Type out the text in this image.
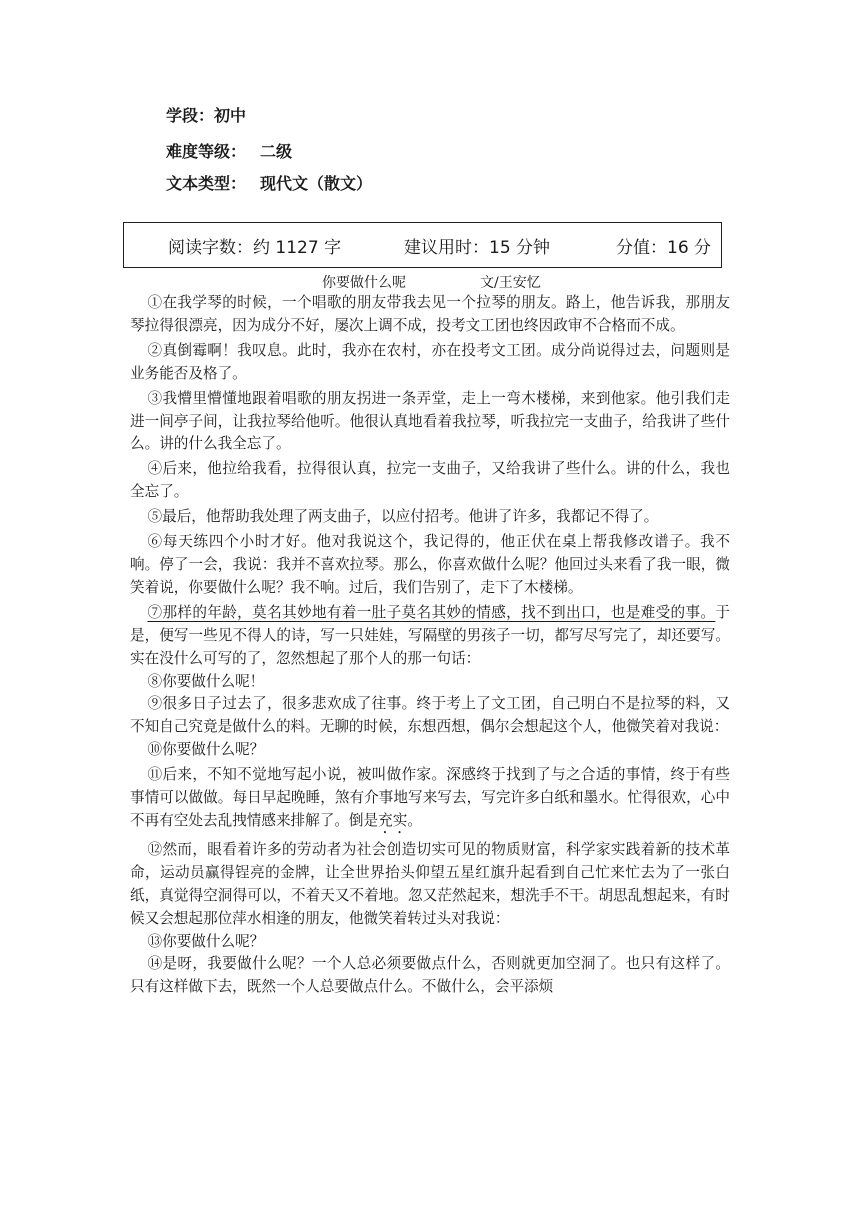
学段：初中
难度等级： 二级
文本类型： 现代文（散文）
阅读字数：约 1127 字	建议用时：15 分钟	分值：16 分
你要做什么呢	文/王安忆

①在我学琴的时候，一个唱歌的朋友带我去见一个拉琴的朋友。路上，他告诉我，那朋友琴拉得很漂亮，因为成分不好，屡次上调不成，投考文工团也终因政审不合格而不成。

②真倒霉啊！我叹息。此时，我亦在农村，亦在投考文工团。成分尚说得过去，问题则是业务能否及格了。

③我懵里懵懂地跟着唱歌的朋友拐进一条弄堂，走上一弯木楼梯，来到他家。他引我们走进一间亭子间，让我拉琴给他听。他很认真地看着我拉琴，听我拉完一支曲子，给我讲了些什么。讲的什么我全忘了。

④后来，他拉给我看，拉得很认真，拉完一支曲子，又给我讲了些什么。讲的什么，我也全忘了。

⑤最后，他帮助我处理了两支曲子，以应付招考。他讲了许多，我都记不得了。

⑥每天练四个小时才好。他对我说这个，我记得的，他正伏在桌上帮我修改谱子。我不响。停了一会，我说：我并不喜欢拉琴。那么，你喜欢做什么呢？他回过头来看了我一眼，微笑着说，你要做什么呢？我不响。过后，我们告别了，走下了木楼梯。

⑦那样的年龄，莫名其妙地有着一肚子莫名其妙的情感，找不到出口，也是难受的事。于是，便写一些见不得人的诗，写一只娃娃，写隔壁的男孩子一切，都写尽写完了，却还要写。实在没什么可写的了，忽然想起了那个人的那一句话：

⑧你要做什么呢！

⑨很多日子过去了，很多悲欢成了往事。终于考上了文工团，自己明白不是拉琴的料，又不知自己究竟是做什么的料。无聊的时候，东想西想，偶尔会想起这个人，他微笑着对我说：

⑩你要做什么呢？

⑪后来，不知不觉地写起小说，被叫做作家。深感终于找到了与之合适的事情，终于有些事情可以做做。每日早起晚睡，煞有介事地写来写去，写完许多白纸和墨水。忙得很欢，心中不再有空处去乱拽情感来排解了。倒是充实。

⑫然而，眼看着许多的劳动者为社会创造切实可见的物质财富，科学家实践着新的技术革命，运动员赢得锃亮的金牌，让全世界抬头仰望五星红旗升起看到自己忙来忙去为了一张白纸，真觉得空洞得可以，不着天又不着地。忽又茫然起来，想洗手不干。胡思乱想起来，有时候又会想起那位萍水相逢的朋友，他微笑着转过头对我说：

⑬你要做什么呢？

⑭是呀，我要做什么呢？一个人总必须要做点什么，否则就更加空洞了。也只有这样了。只有这样做下去，既然一个人总要做点什么。不做什么，会平添烦
